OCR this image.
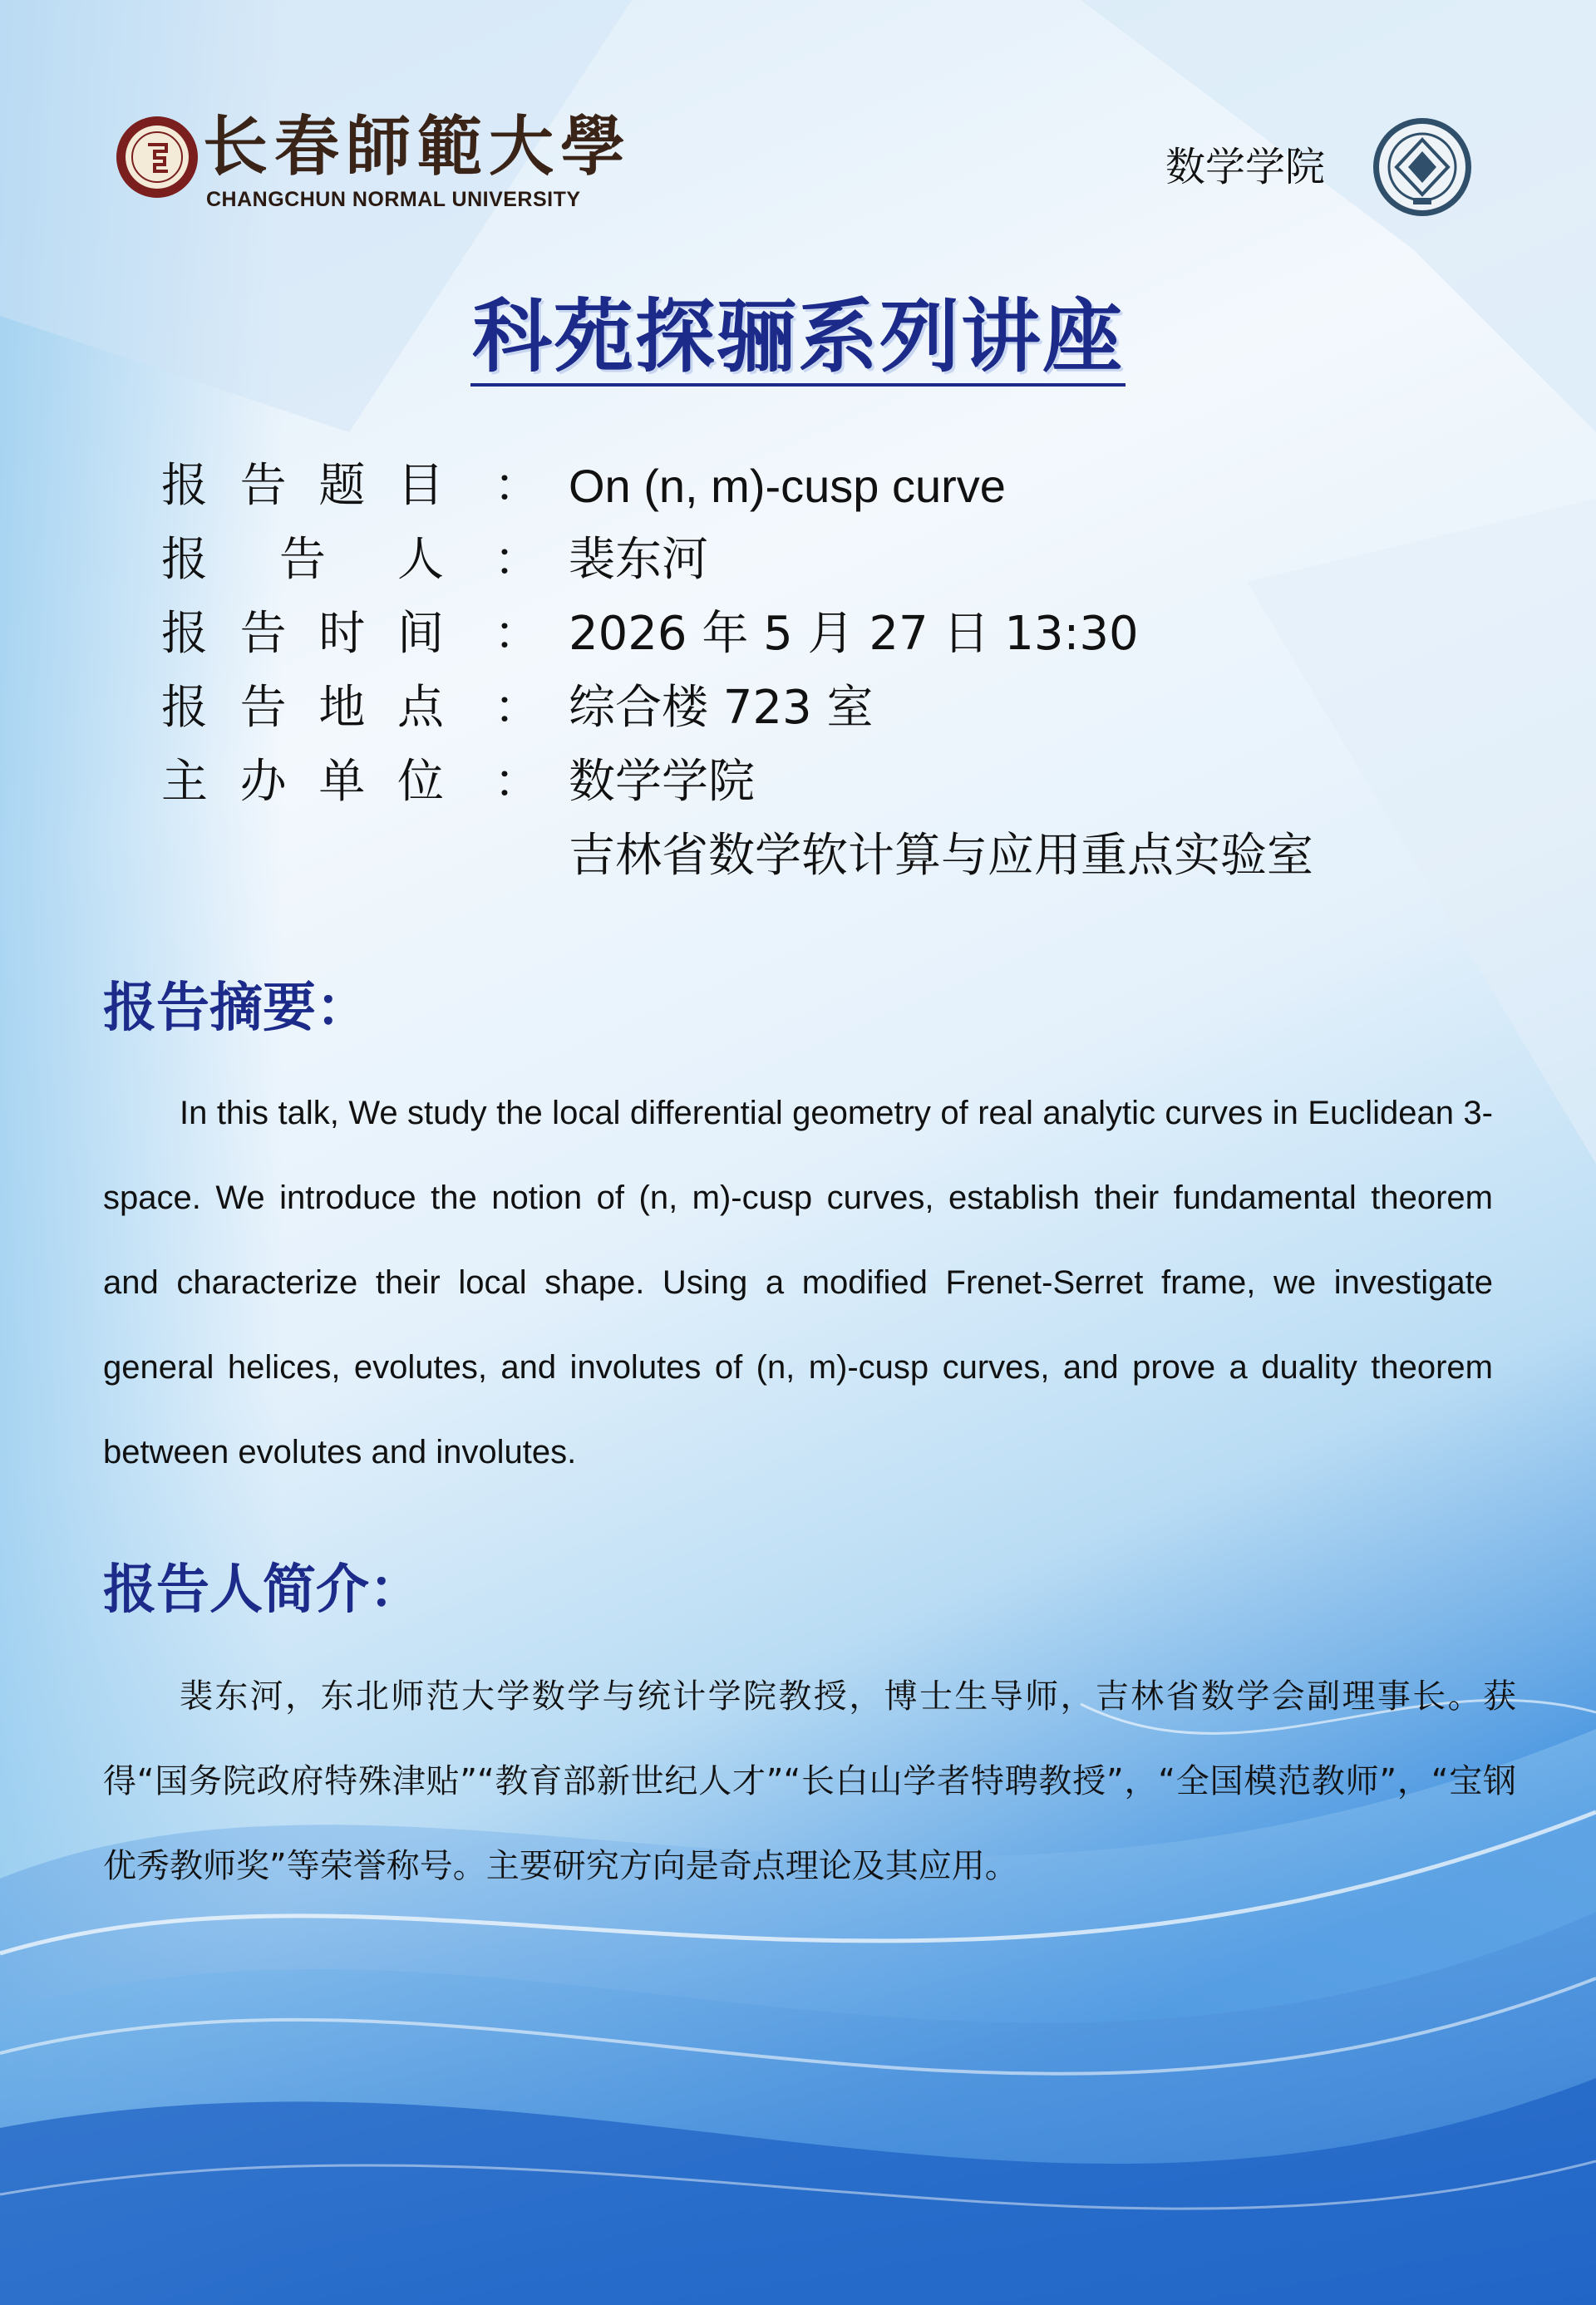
长春師範大學
CHANGCHUN NORMAL UNIVERSITY
数学学院
科苑探骊系列讲座
报 告 题 目 ： On (n, m)-cusp curve
报 告 人 ： 裴东河
报 告 时 间 ： 2026 年 5 月 27 日 13:30
报 告 地 点 ： 综合楼 723 室
主 办 单 位 ： 数学学院
吉林省数学软计算与应用重点实验室
报告摘要：
In this talk, We study the local differential geometry of real analytic curves in Euclidean 3-space. We introduce the notion of (n, m)-cusp curves, establish their fundamental theorem and characterize their local shape. Using a modified Frenet-Serret frame, we investigate general helices, evolutes, and involutes of (n, m)-cusp curves, and prove a duality theorem between evolutes and involutes.
报告人简介：
裴东河，东北师范大学数学与统计学院教授，博士生导师，吉林省数学会副理事长。获得“国务院政府特殊津贴”“教育部新世纪人才”“长白山学者特聘教授”，“全国模范教师”，“宝钢优秀教师奖”等荣誉称号。主要研究方向是奇点理论及其应用。
